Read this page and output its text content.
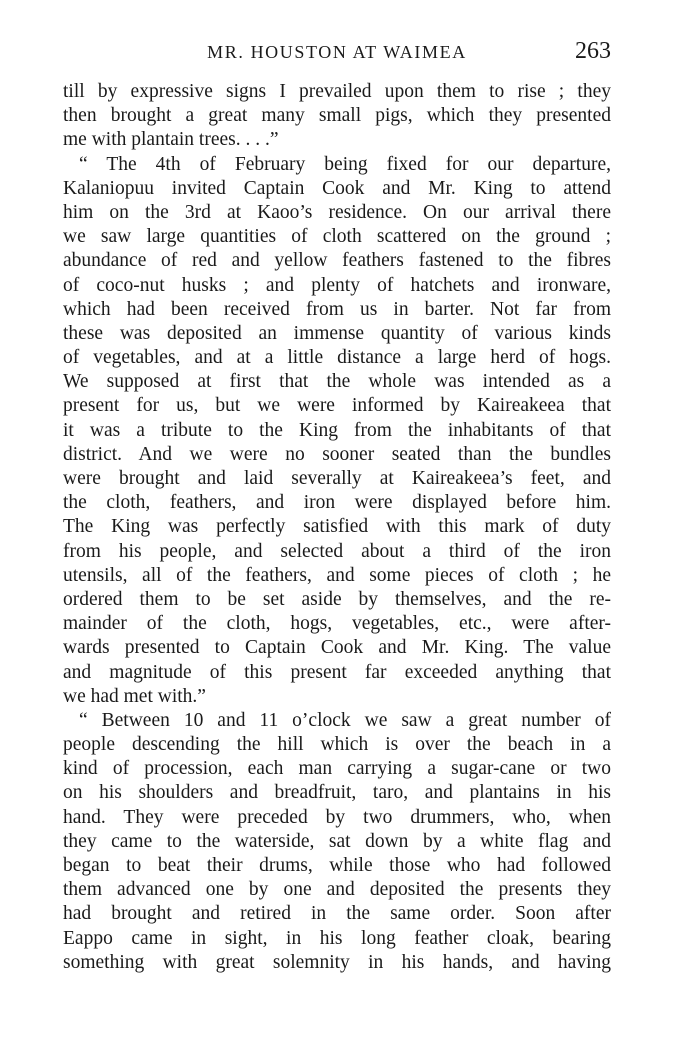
MR. HOUSTON AT WAIMEA	263
till by expressive signs I prevailed upon them to rise ; they
then brought a great many small pigs, which they presented
me with plantain trees. . . .”
“ The 4th of February being fixed for our departure,
Kalaniopuu invited Captain Cook and Mr. King to attend
him on the 3rd at Kaoo’s residence. On our arrival there
we saw large quantities of cloth scattered on the ground ;
abundance of red and yellow feathers fastened to the fibres
of coco-nut husks ; and plenty of hatchets and ironware,
which had been received from us in barter. Not far from
these was deposited an immense quantity of various kinds
of vegetables, and at a little distance a large herd of hogs.
We supposed at first that the whole was intended as a
present for us, but we were informed by Kaireakeea that
it was a tribute to the King from the inhabitants of that
district. And we were no sooner seated than the bundles
were brought and laid severally at Kaireakeea’s feet, and
the cloth, feathers, and iron were displayed before him.
The King was perfectly satisfied with this mark of duty
from his people, and selected about a third of the iron
utensils, all of the feathers, and some pieces of cloth ; he
ordered them to be set aside by themselves, and the re-
mainder of the cloth, hogs, vegetables, etc., were after-
wards presented to Captain Cook and Mr. King. The value
and magnitude of this present far exceeded anything that
we had met with.”
“ Between 10 and 11 o’clock we saw a great number of
people descending the hill which is over the beach in a
kind of procession, each man carrying a sugar-cane or two
on his shoulders and breadfruit, taro, and plantains in his
hand. They were preceded by two drummers, who, when
they came to the waterside, sat down by a white flag and
began to beat their drums, while those who had followed
them advanced one by one and deposited the presents they
had brought and retired in the same order. Soon after
Eappo came in sight, in his long feather cloak, bearing
something with great solemnity in his hands, and having
